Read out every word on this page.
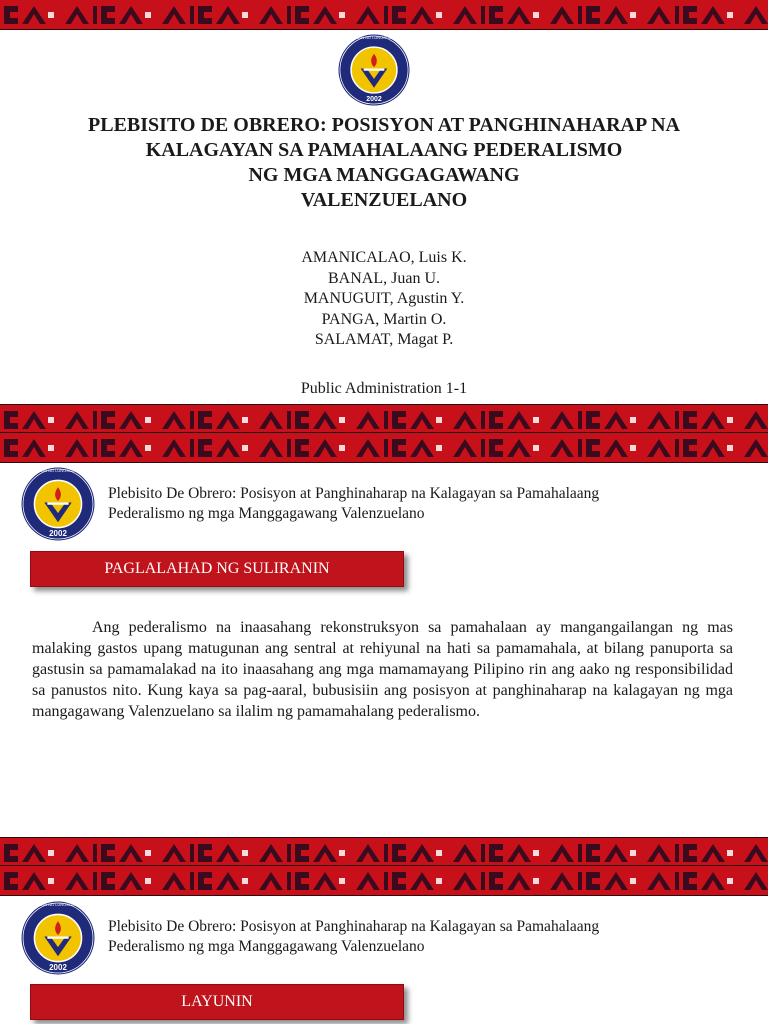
2002
PAMANTASAN NG LUNGSOD NG VALENZUELA
PLEBISITO DE OBRERO: POSISYON AT PANGHINAHARAP NA
KALAGAYAN SA PAMAHALAANG PEDERALISMO
NG MGA MANGGAGAWANG
VALENZUELANO
AMANICALAO, Luis K.
BANAL, Juan U.
MANUGUIT, Agustin Y.
PANGA, Martin O.
SALAMAT, Magat P.
Public Administration 1-1
2002
PAMANTASAN NG LUNGSOD NG VALENZUELA
Plebisito De Obrero: Posisyon at Panghinaharap na Kalagayan sa Pamahalaang
Pederalismo ng mga Manggagawang Valenzuelano
PAGLALAHAD NG SULIRANIN
Ang pederalismo na inaasahang rekonstruksyon sa pamahalaan ay mangangailangan ng mas malaking gastos upang matugunan ang sentral at rehiyunal na hati sa pamamahala, at bilang panuporta sa gastusin sa pamamalakad na ito inaasahang ang mga mamamayang Pilipino rin ang aako ng responsibilidad sa panustos nito. Kung kaya sa pag-aaral, bubusisiin ang posisyon at panghinaharap na kalagayan ng mga mangagawang Valenzuelano sa ilalim ng pamamahalang pederalismo.
2002
PAMANTASAN NG LUNGSOD NG VALENZUELA
Plebisito De Obrero: Posisyon at Panghinaharap na Kalagayan sa Pamahalaang
Pederalismo ng mga Manggagawang Valenzuelano
LAYUNIN
